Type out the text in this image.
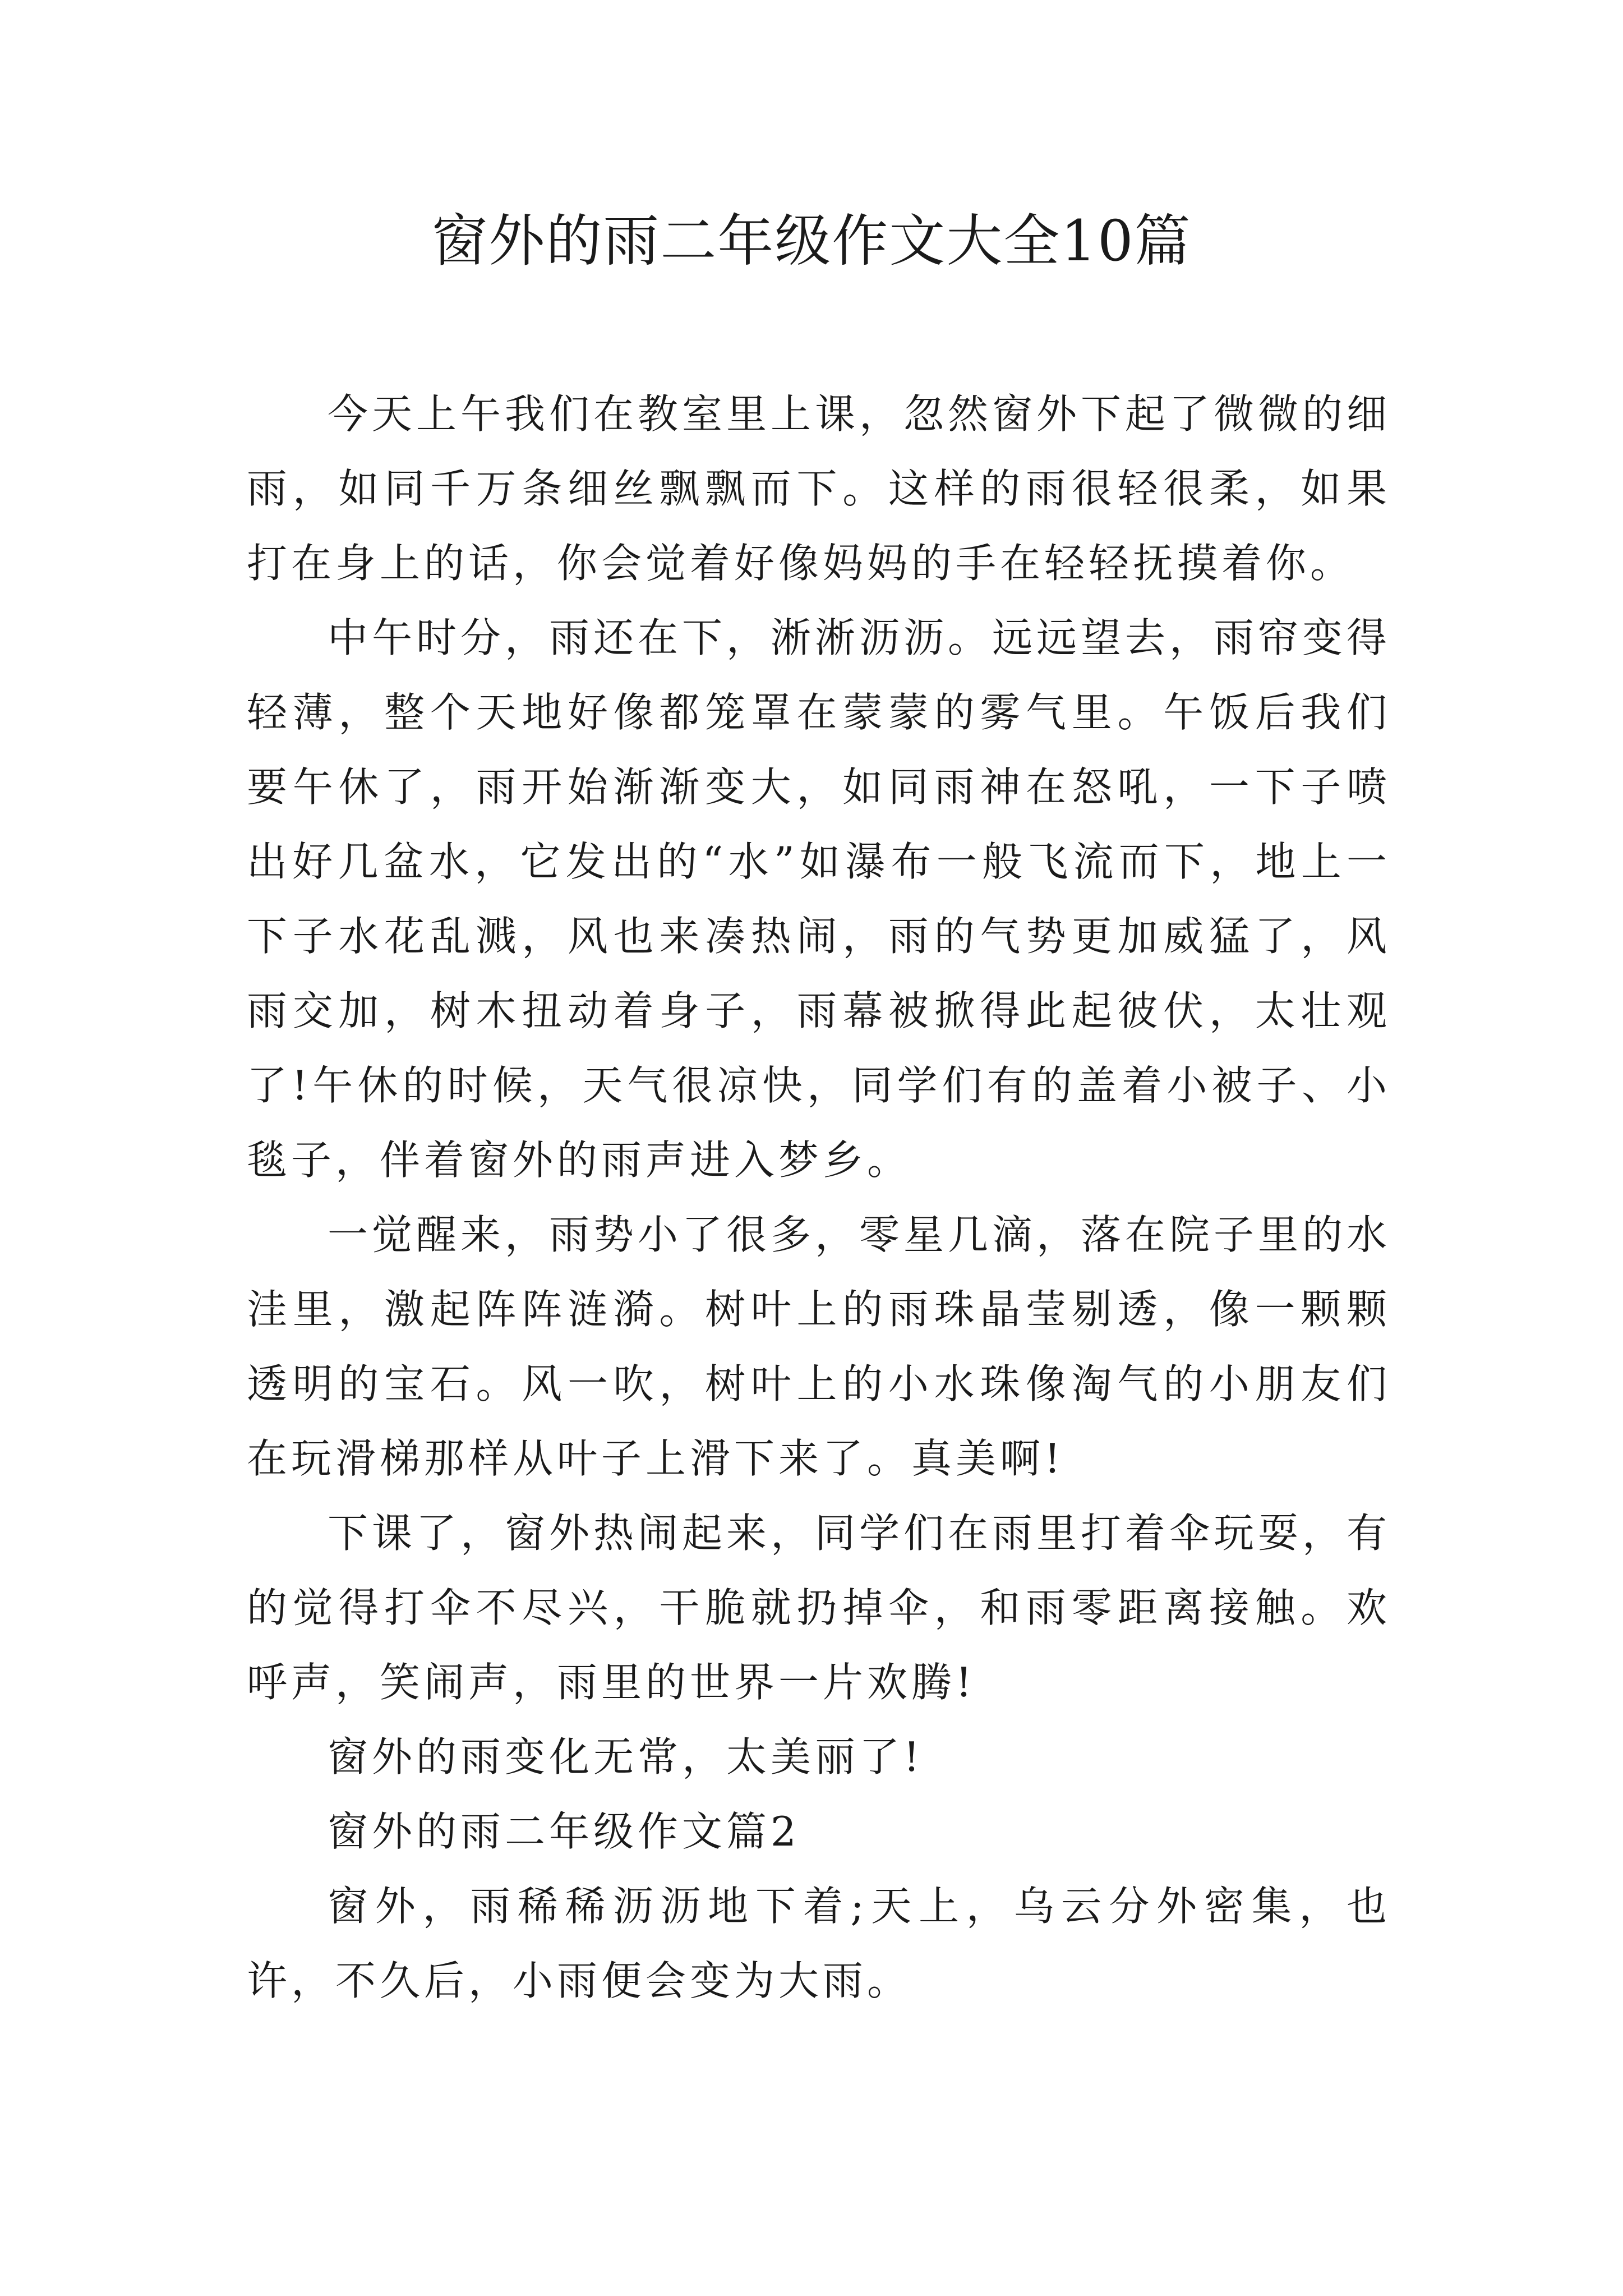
窗外的雨二年级作文大全10篇

今天上午我们在教室里上课，忽然窗外下起了微微的细雨，如同千万条细丝飘飘而下。这样的雨很轻很柔，如果打在身上的话，你会觉着好像妈妈的手在轻轻抚摸着你。

中午时分，雨还在下，淅淅沥沥。远远望去，雨帘变得轻薄，整个天地好像都笼罩在蒙蒙的雾气里。午饭后我们要午休了，雨开始渐渐变大，如同雨神在怒吼，一下子喷出好几盆水，它发出的“水”如瀑布一般飞流而下，地上一下子水花乱溅，风也来凑热闹，雨的气势更加威猛了，风雨交加，树木扭动着身子，雨幕被掀得此起彼伏，太壮观了!午休的时候，天气很凉快，同学们有的盖着小被子、小毯子，伴着窗外的雨声进入梦乡。

一觉醒来，雨势小了很多，零星几滴，落在院子里的水洼里，激起阵阵涟漪。树叶上的雨珠晶莹剔透，像一颗颗透明的宝石。风一吹，树叶上的小水珠像淘气的小朋友们在玩滑梯那样从叶子上滑下来了。真美啊!

下课了，窗外热闹起来，同学们在雨里打着伞玩耍，有的觉得打伞不尽兴，干脆就扔掉伞，和雨零距离接触。欢呼声，笑闹声，雨里的世界一片欢腾!

窗外的雨变化无常，太美丽了!

窗外的雨二年级作文篇2

窗外，雨稀稀沥沥地下着;天上，乌云分外密集，也许，不久后，小雨便会变为大雨。
